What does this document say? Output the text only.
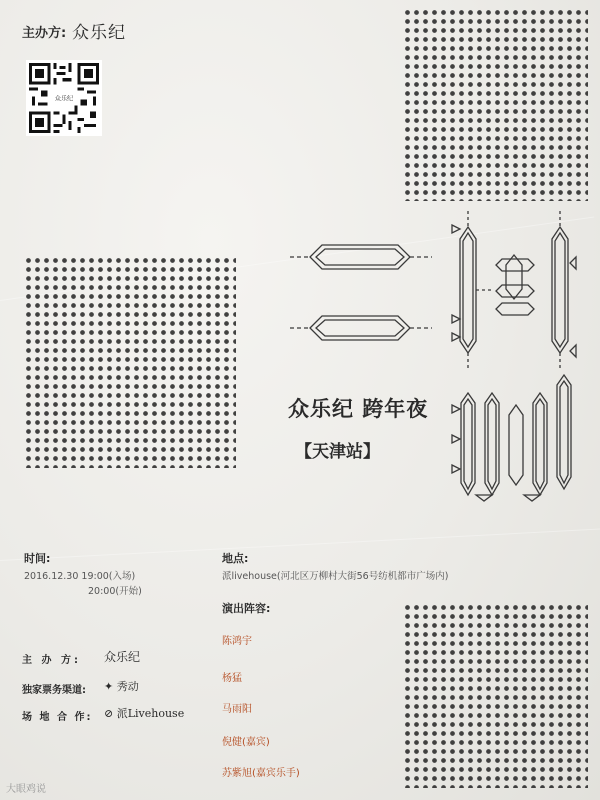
主办方: 众乐纪
众乐纪
众乐纪 跨年夜
【天津站】
时间:
2016.12.30 19:00(入场)
20:00(开始)
地点:
派livehouse(河北区万柳村大街56号纺机都市广场内)
演出阵容:
陈鸿宇
杨猛
马雨阳
倪健(嘉宾)
苏紫旭(嘉宾乐手)
主 办 方: 众乐纪
独家票务渠道: ✦ 秀动
场 地 合 作: ⊘ 派Livehouse
大眼鸡说
